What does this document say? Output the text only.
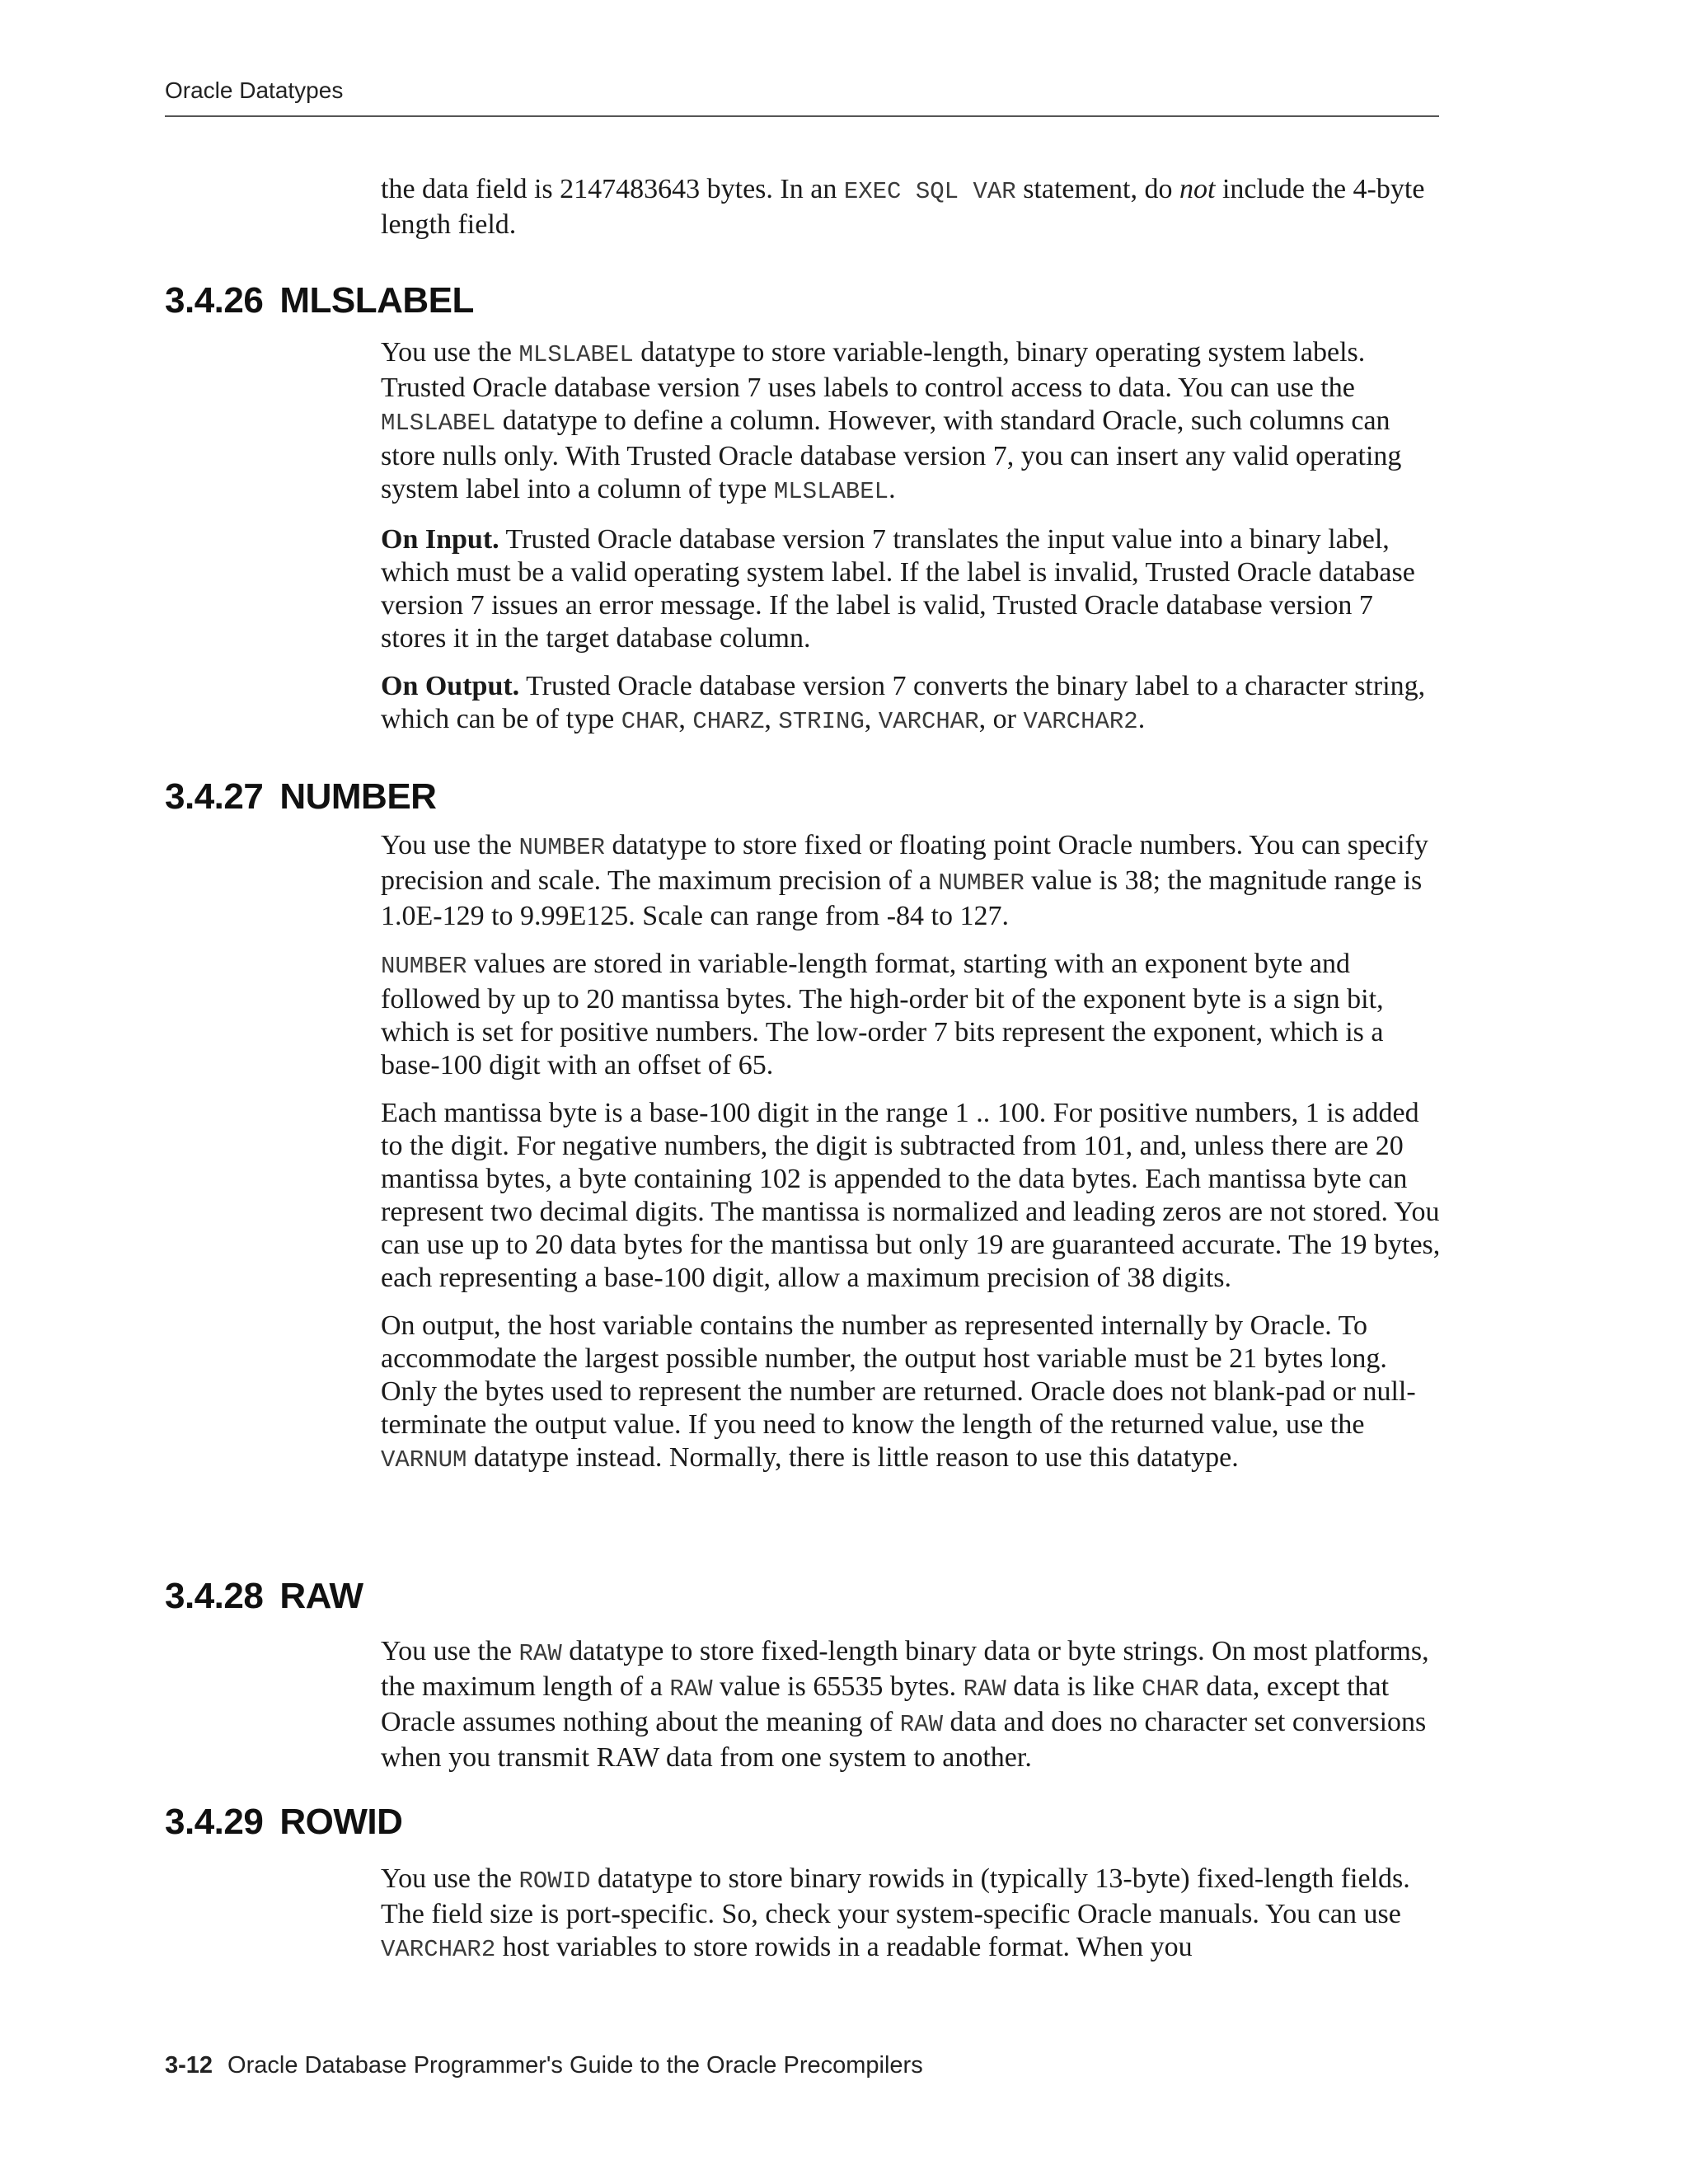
Oracle Datatypes

the data field is 2147483643 bytes. In an EXEC SQL VAR statement, do not include the 4-byte length field.

3.4.26 MLSLABEL

You use the MLSLABEL datatype to store variable-length, binary operating system labels. Trusted Oracle database version 7 uses labels to control access to data. You can use the MLSLABEL datatype to define a column. However, with standard Oracle, such columns can store nulls only. With Trusted Oracle database version 7, you can insert any valid operating system label into a column of type MLSLABEL.

On Input. Trusted Oracle database version 7 translates the input value into a binary label, which must be a valid operating system label. If the label is invalid, Trusted Oracle database version 7 issues an error message. If the label is valid, Trusted Oracle database version 7 stores it in the target database column.

On Output. Trusted Oracle database version 7 converts the binary label to a character string, which can be of type CHAR, CHARZ, STRING, VARCHAR, or VARCHAR2.

3.4.27 NUMBER

You use the NUMBER datatype to store fixed or floating point Oracle numbers. You can specify precision and scale. The maximum precision of a NUMBER value is 38; the magnitude range is 1.0E-129 to 9.99E125. Scale can range from -84 to 127.

NUMBER values are stored in variable-length format, starting with an exponent byte and followed by up to 20 mantissa bytes. The high-order bit of the exponent byte is a sign bit, which is set for positive numbers. The low-order 7 bits represent the exponent, which is a base-100 digit with an offset of 65.

Each mantissa byte is a base-100 digit in the range 1 .. 100. For positive numbers, 1 is added to the digit. For negative numbers, the digit is subtracted from 101, and, unless there are 20 mantissa bytes, a byte containing 102 is appended to the data bytes. Each mantissa byte can represent two decimal digits. The mantissa is normalized and leading zeros are not stored. You can use up to 20 data bytes for the mantissa but only 19 are guaranteed accurate. The 19 bytes, each representing a base-100 digit, allow a maximum precision of 38 digits.

On output, the host variable contains the number as represented internally by Oracle. To accommodate the largest possible number, the output host variable must be 21 bytes long. Only the bytes used to represent the number are returned. Oracle does not blank-pad or null-terminate the output value. If you need to know the length of the returned value, use the VARNUM datatype instead. Normally, there is little reason to use this datatype.

3.4.28 RAW

You use the RAW datatype to store fixed-length binary data or byte strings. On most platforms, the maximum length of a RAW value is 65535 bytes. RAW data is like CHAR data, except that Oracle assumes nothing about the meaning of RAW data and does no character set conversions when you transmit RAW data from one system to another.

3.4.29 ROWID

You use the ROWID datatype to store binary rowids in (typically 13-byte) fixed-length fields. The field size is port-specific. So, check your system-specific Oracle manuals. You can use VARCHAR2 host variables to store rowids in a readable format. When you

3-12 Oracle Database Programmer's Guide to the Oracle Precompilers
